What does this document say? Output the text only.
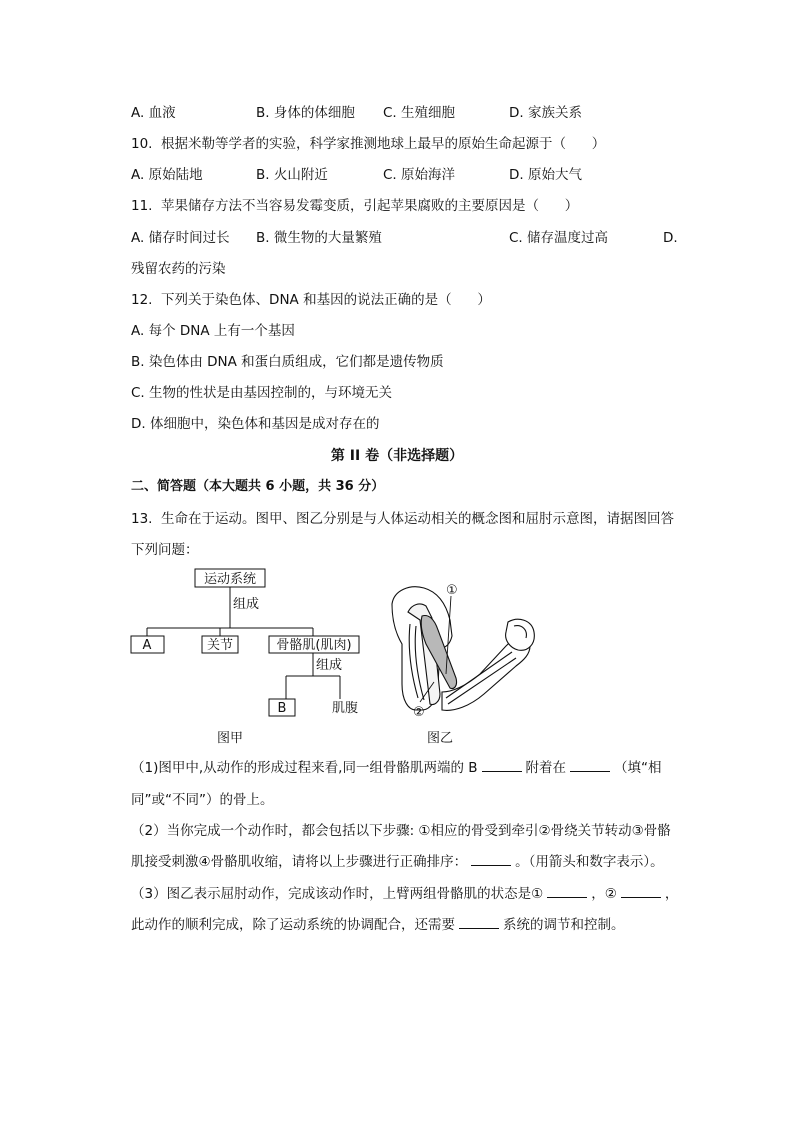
A. 血液	B. 身体的体细胞 C. 生殖细胞	D. 家族关系
10.  根据米勒等学者的实验，科学家推测地球上最早的原始生命起源于（      ）
A. 原始陆地	B. 火山附近	C. 原始海洋	D. 原始大气
11.  苹果储存方法不当容易发霉变质，引起苹果腐败的主要原因是（      ）
A. 储存时间过长 B. 微生物的大量繁殖	C. 储存温度过高	D.
残留农药的污染
12.  下列关于染色体、DNA 和基因的说法正确的是（      ）
A. 每个 DNA 上有一个基因
B. 染色体由 DNA 和蛋白质组成，它们都是遗传物质
C. 生物的性状是由基因控制的，与环境无关
D. 体细胞中，染色体和基因是成对存在的
第 II 卷（非选择题）
二、简答题（本大题共 6 小题，共 36 分）
13.  生命在于运动。图甲、图乙分别是与人体运动相关的概念图和屈肘示意图，请据图回答
下列问题：
运动系统
组成
A	关节	骨骼肌(肌肉)
组成
B	肌腹
图甲
①
②
图乙
（1)图甲中,从动作的形成过程来看,同一组骨骼肌两端的 B	附着在	（填“相
同”或“不同”）的骨上。
（2）当你完成一个动作时，都会包括以下步骤: ①相应的骨受到牵引②骨绕关节转动③骨骼
肌接受刺激④骨骼肌收缩，请将以上步骤进行正确排序：	。（用箭头和数字表示）。
（3）图乙表示屈肘动作，完成该动作时，上臂两组骨骼肌的状态是①	，②	，
此动作的顺利完成，除了运动系统的协调配合，还需要	系统的调节和控制。
